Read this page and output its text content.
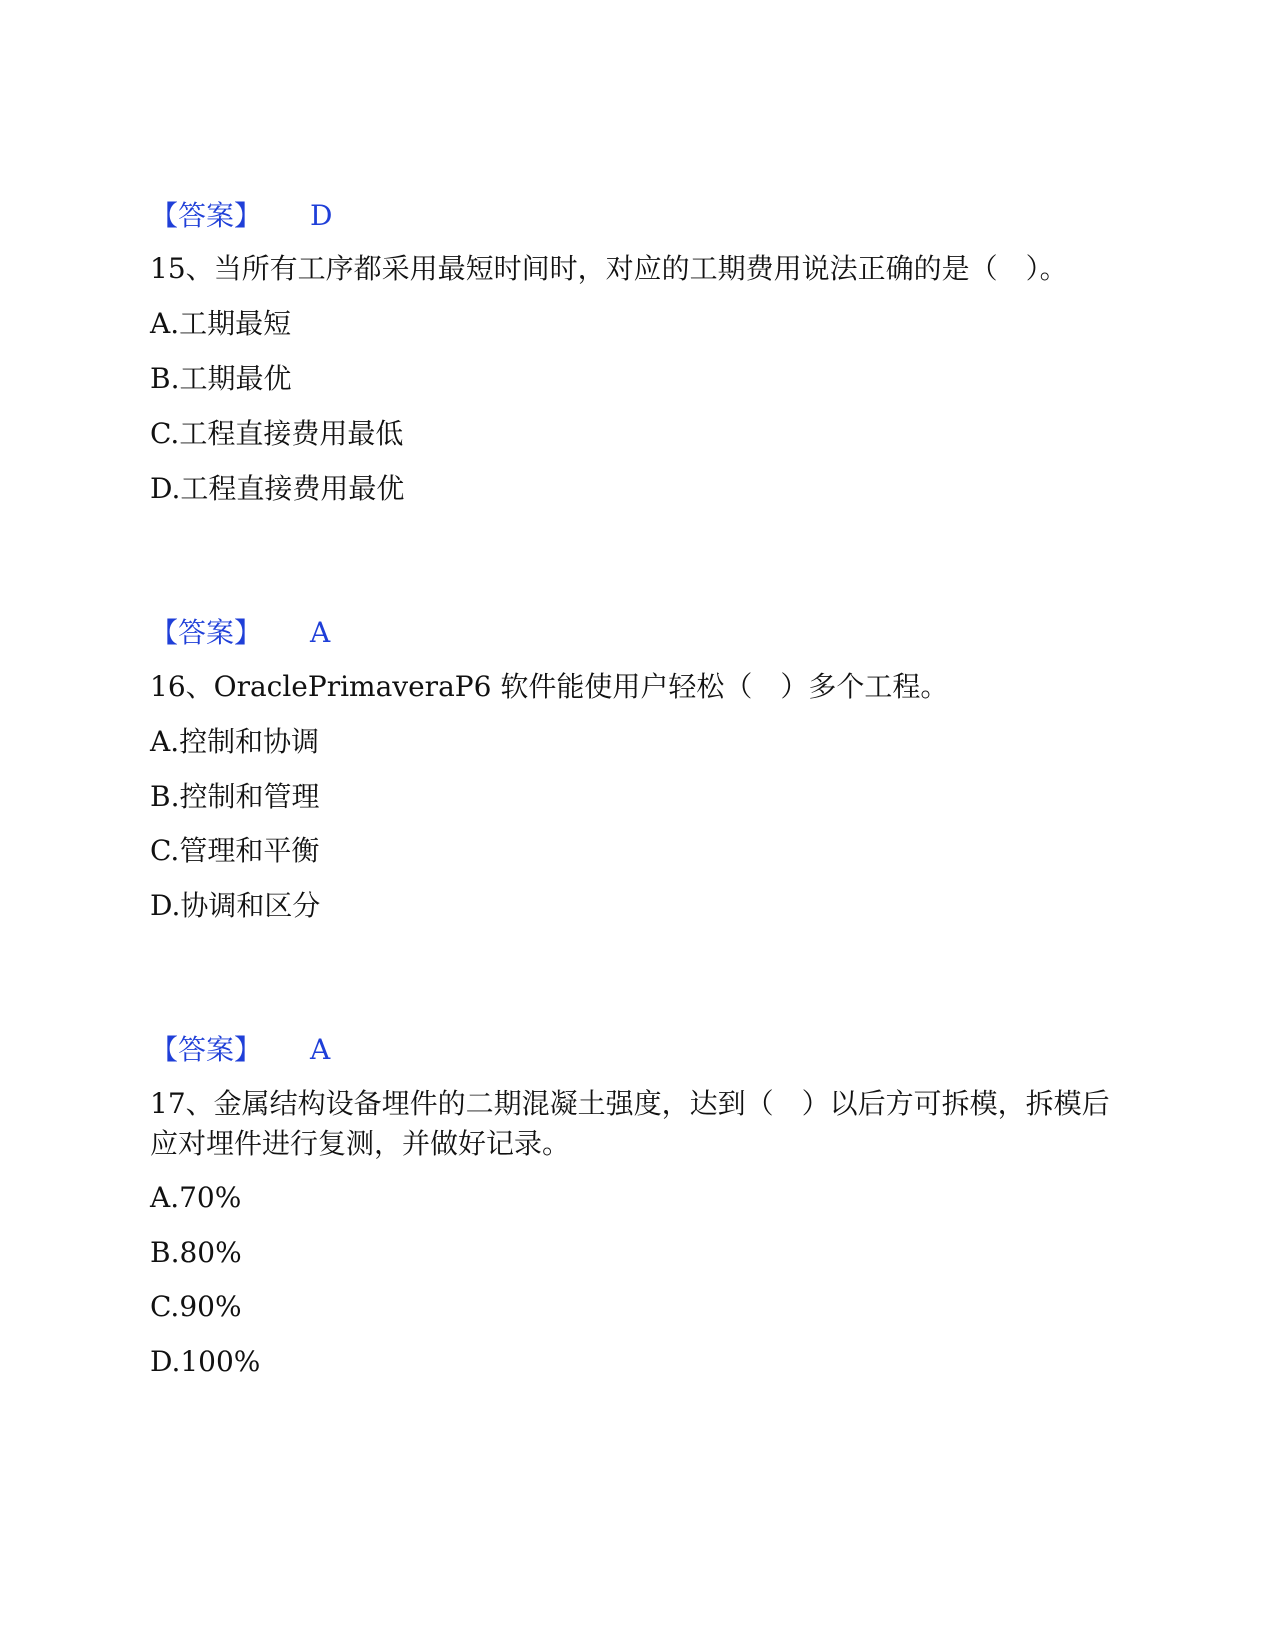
【答案】 D
15、当所有工序都采用最短时间时，对应的工期费用说法正确的是（　）。
A.工期最短
B.工期最优
C.工程直接费用最低
D.工程直接费用最优
【答案】 A
16、OraclePrimaveraP6 软件能使用户轻松（　）多个工程。
A.控制和协调
B.控制和管理
C.管理和平衡
D.协调和区分
【答案】 A
17、金属结构设备埋件的二期混凝土强度，达到（　）以后方可拆模，拆模后应对埋件进行复测，并做好记录。
A.70%
B.80%
C.90%
D.100%
